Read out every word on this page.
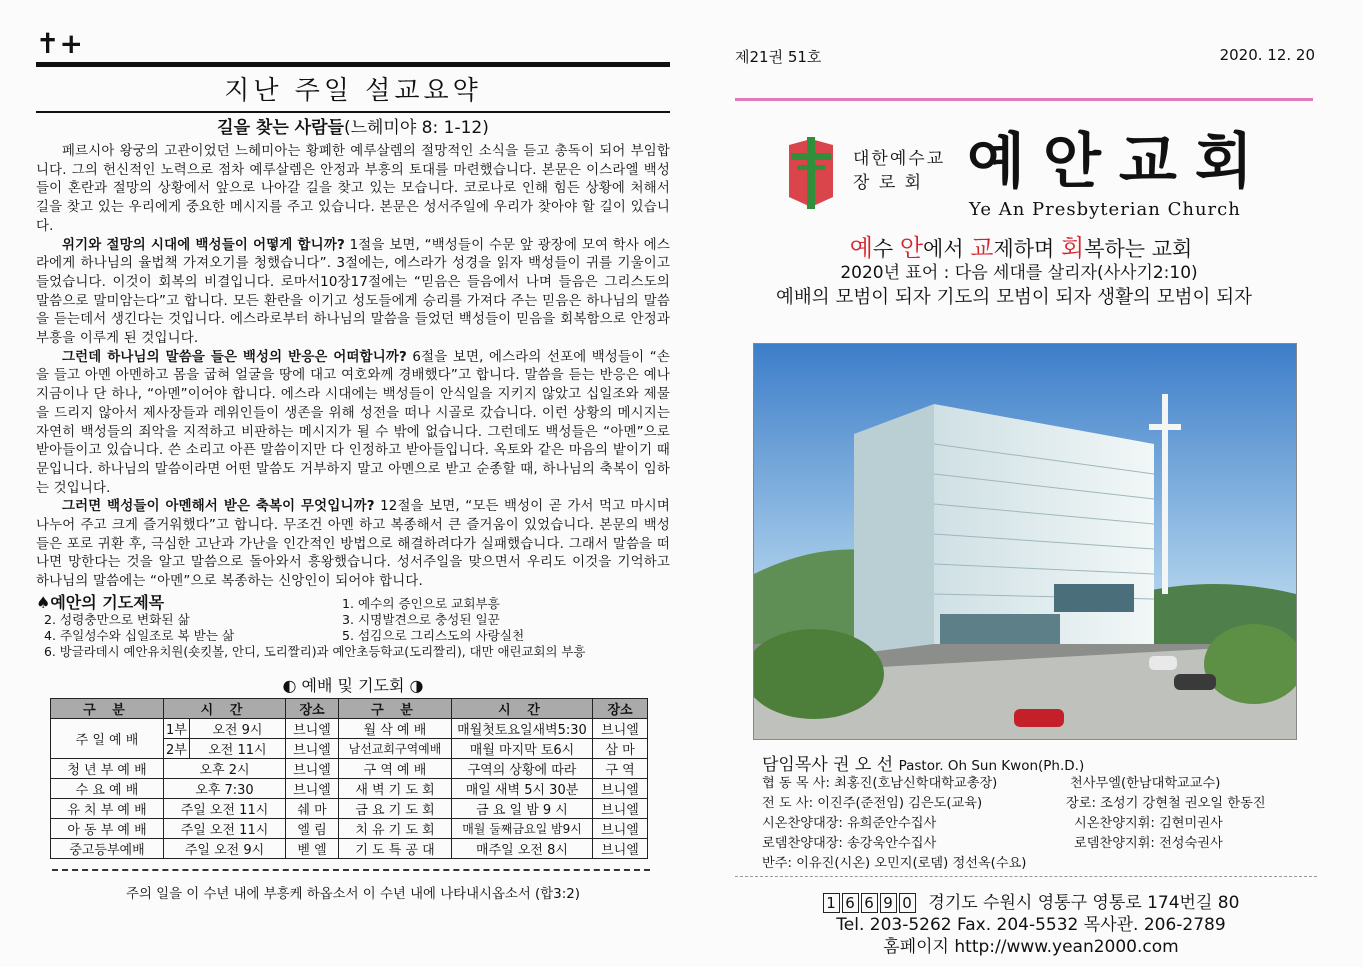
✝+
지난 주일 설교요약
길을 찾는 사람들(느헤미야 8: 1-12)

페르시아 왕궁의 고관이었던 느헤미아는 황폐한 예루살렘의 절망적인 소식을 듣고 총독이 되어 부임합니다. 그의 헌신적인 노력으로 점차 예루살렘은 안정과 부흥의 토대를 마련했습니다. 본문은 이스라엘 백성들이 혼란과 절망의 상황에서 앞으로 나아갈 길을 찾고 있는 모습니다. 코로나로 인해 힘든 상황에 처해서 길을 찾고 있는 우리에게 중요한 메시지를 주고 있습니다. 본문은 성서주일에 우리가 찾아야 할 길이 있습니다.

위기와 절망의 시대에 백성들이 어떻게 합니까? 1절을 보면, “백성들이 수문 앞 광장에 모여 학사 에스라에게 하나님의 율법책 가져오기를 청했습니다”. 3절에는, 에스라가 성경을 읽자 백성들이 귀를 기울이고 들었습니다. 이것이 회복의 비결입니다. 로마서10장17절에는 “믿음은 들음에서 나며 들음은 그리스도의 말씀으로 말미암는다”고 합니다. 모든 환란을 이기고 성도들에게 승리를 가져다 주는 믿음은 하나님의 말씀을 듣는데서 생긴다는 것입니다. 에스라로부터 하나님의 말씀을 들었던 백성들이 믿음을 회복함으로 안정과 부흥을 이루게 된 것입니다.

그런데 하나님의 말씀을 들은 백성의 반응은 어떠합니까? 6절을 보면, 에스라의 선포에 백성들이 “손을 들고 아멘 아멘하고 몸을 굽혀 얼굴을 땅에 대고 여호와께 경배했다”고 합니다. 말씀을 듣는 반응은 예나 지금이나 단 하나, “아멘”이어야 합니다. 에스라 시대에는 백성들이 안식일을 지키지 않았고 십일조와 제물을 드리지 않아서 제사장들과 레위인들이 생존을 위해 성전을 떠나 시골로 갔습니다. 이런 상황의 메시지는 자연히 백성들의 죄악을 지적하고 비판하는 메시지가 될 수 밖에 없습니다. 그런데도 백성들은 “아멘”으로 받아들이고 있습니다. 쓴 소리고 아픈 말씀이지만 다 인정하고 받아들입니다. 옥토와 같은 마음의 밭이기 때문입니다. 하나님의 말씀이라면 어떤 말씀도 거부하지 말고 아멘으로 받고 순종할 때, 하나님의 축복이 임하는 것입니다.

그러면 백성들이 아멘해서 받은 축복이 무엇입니까? 12절을 보면, “모든 백성이 곧 가서 먹고 마시며 나누어 주고 크게 즐거워했다”고 합니다. 무조건 아멘 하고 복종해서 큰 즐거움이 있었습니다. 본문의 백성들은 포로 귀환 후, 극심한 고난과 가난을 인간적인 방법으로 해결하려다가 실패했습니다. 그래서 말씀을 떠나면 망한다는 것을 알고 말씀으로 돌아와서 흥왕했습니다. 성서주일을 맞으면서 우리도 이것을 기억하고 하나님의 말씀에는 “아멘”으로 복종하는 신앙인이 되어야 합니다.

♠예안의 기도제목	1. 예수의 증인으로 교회부흥
2. 성령충만으로 변화된 삶	3. 시명발견으로 충성된 일꾼
4. 주일성수와 십일조로 복 받는 삶	5. 섬김으로 그리스도의 사랑실천
6. 방글라데시 예안유치원(숏킷볼, 안디, 도리짤리)과 예안초등학교(도리짤리), 대만 애린교회의 부흥
◐ 예배 및 기도회 ◑
구 분	시 간		장소	구 분	시 간	장소
주 일 예 배	1부	오전 9시	브니엘	월 삭 예 배	매월첫토요일새벽5:30	브니엘
	2부	오전 11시	브니엘	남선교회구역예배	매월 마지막 토6시	삼 마
청 년 부 예 배	오후 2시		브니엘	구 역 예 배	구역의 상황에 따라	구 역
수 요 예 배	오후 7:30		브니엘	새 벽 기 도 회	매일 새벽 5시 30분	브니엘
유 치 부 예 배	주일 오전 11시		쉐 마	금 요 기 도 회	금 요 일 밤 9 시	브니엘
아 동 부 예 배	주일 오전 11시		엘 림	치 유 기 도 회	매월 둘째금요일 밤9시	브니엘
중고등부예배	주일 오전 9시		벧 엘	기 도 특 공 대	매주일 오전 8시	브니엘
주의 일을 이 수년 내에 부흥케 하옵소서 이 수년 내에 나타내시옵소서 (합3:2)
제21권 51호	2020. 12. 20
대한예수교
장 로 회 예안교회
Ye An Presbyterian Church
예수 안에서 교제하며 회복하는 교회
2020년 표어 : 다음 세대를 살리자(사사기2:10)
예배의 모범이 되자 기도의 모범이 되자 생활의 모범이 되자
담임목사 권 오 선 Pastor. Oh Sun Kwon(Ph.D.)
협 동 목 사: 최홍진(호남신학대학교총장)	천사무엘(한남대학교교수)
전 도 사: 이진주(준전임) 김은도(교육)	장로: 조성기 강현철 권오일 한동진
시온찬양대장: 유희준안수집사	시온찬양지휘: 김현미권사
로뎀찬양대장: 송강욱안수집사	로뎀찬양지휘: 전성숙권사
반주: 이유진(시온) 오민지(로뎀) 정선옥(수요)
1 6 6 9 0 경기도 수원시 영통구 영통로 174번길 80
Tel. 203-5262 Fax. 204-5532 목사관. 206-2789
홈페이지 http://www.yean2000.com
